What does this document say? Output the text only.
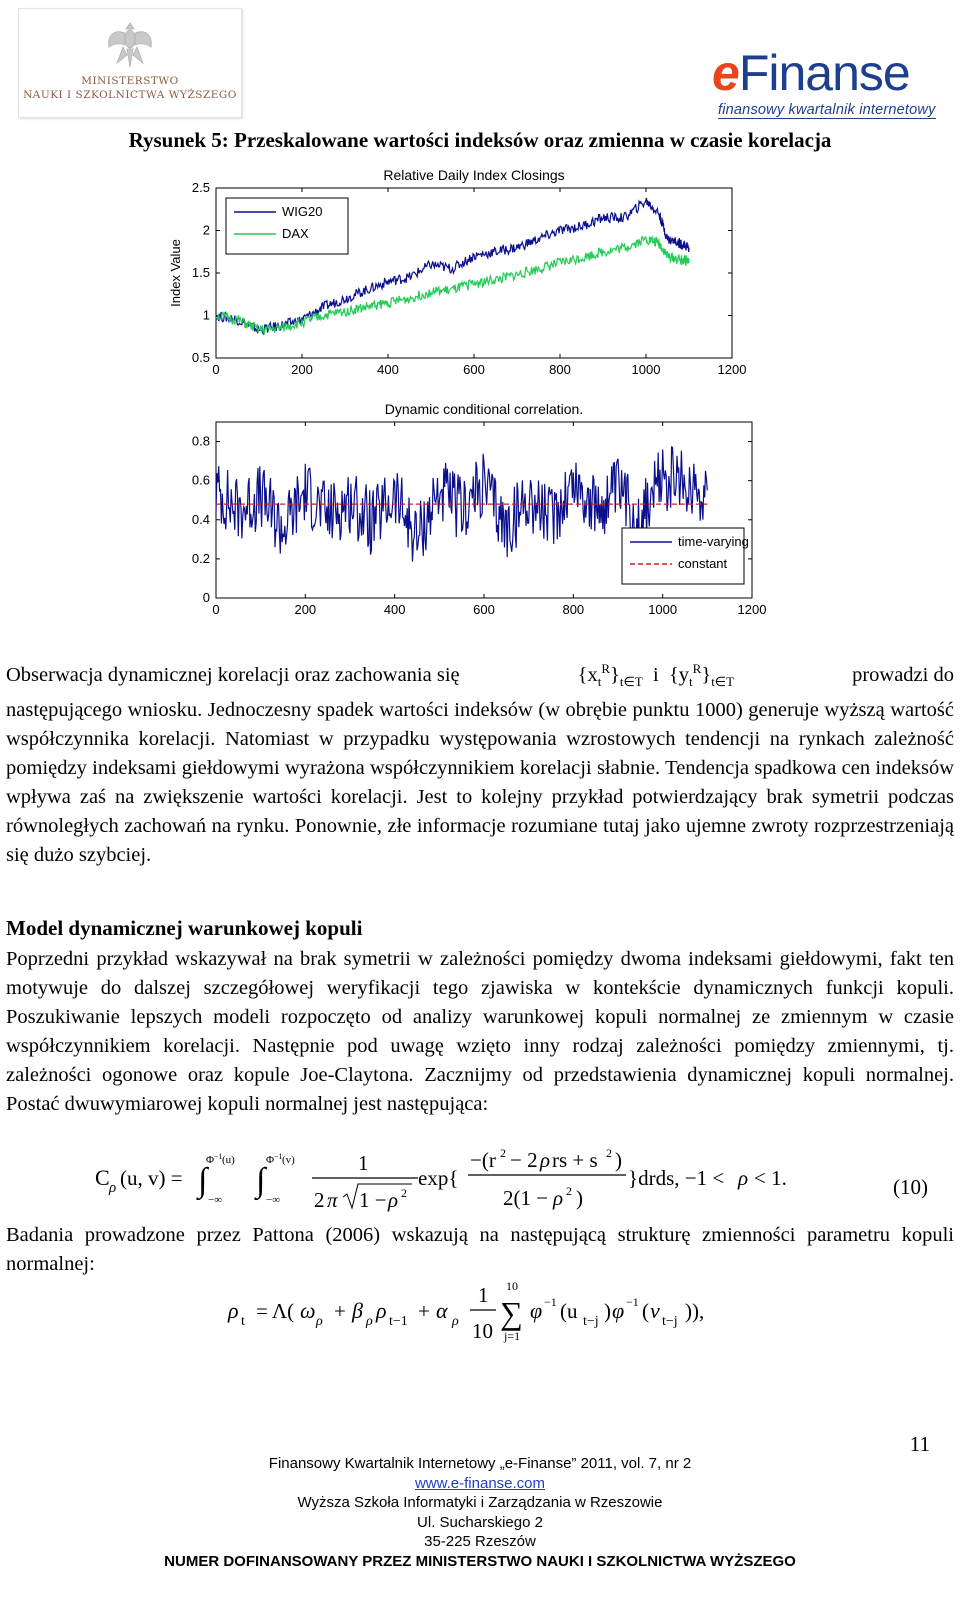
MINISTERSTWO
NAUKI I SZKOLNICTWA WYŻSZEGO	eFinanse
finansowy kwartalnik internetowy
Rysunek 5: Przeskalowane wartości indeksów oraz zmienna w czasie korelacja
Relative Daily Index Closings
0	200	400	600	800	1000	1200
0.5
1
1.5
2
2.5
Index Value
WIG20
DAX
Dynamic conditional correlation.
0	200	400	600	800	1000	1200
0
0.2
0.4
0.6
0.8
time-varying
constant

Obserwacja dynamicznej korelacji oraz zachowania się	$\{x_t^R\}_{t\in T}$  i  $\{y_t^R\}_{t\in T}$	prowadzi do

następującego wniosku. Jednoczesny spadek wartości indeksów (w obrębie punktu 1000) generuje wyższą wartość współczynnika korelacji. Natomiast w przypadku występowania wzrostowych tendencji na rynkach zależność pomiędzy indeksami giełdowymi wyrażona współczynnikiem korelacji słabnie. Tendencja spadkowa cen indeksów wpływa zaś na zwiększenie wartości korelacji. Jest to kolejny przykład potwierdzający brak symetrii podczas równoległych zachowań na rynku. Ponownie, złe informacje rozumiane tutaj jako ujemne zwroty rozprzestrzeniają się dużo szybciej.

Model dynamicznej warunkowej kopuli
Poprzedni przykład wskazywał na brak symetrii w zależności pomiędzy dwoma indeksami giełdowymi, fakt ten motywuje do dalszej szczegółowej weryfikacji tego zjawiska w kontekście dynamicznych funkcji kopuli. Poszukiwanie lepszych modeli rozpoczęto od analizy warunkowej kopuli normalnej ze zmiennym w czasie współczynnikiem korelacji. Następnie pod uwagę wzięto inny rodzaj zależności pomiędzy zmiennymi, tj. zależności ogonowe oraz kopule Joe-Claytona. Zacznijmy od przedstawienia dynamicznej kopuli normalnej. Postać dwuwymiarowej kopuli normalnej jest następująca:
C ρ (u, v) = ∫
Φ −1 (u)
−∞
∫
Φ −1 (v)
−∞
1
2 π 1 − ρ 2
exp{
−(r 2 − 2 ρ rs + s 2 )
2(1 − ρ 2 )
}drds, −1 < ρ < 1.	(10)
Badania prowadzone przez Pattona (2006) wskazują na następującą strukturę zmienności parametru kopuli normalnej:
ρ t = Λ( ω ρ + β ρ ρ t−1 + α ρ
1
10
10
∑
j=1
φ −1 (u t−j ) φ −1 ( ν t−j ) ),
11
Finansowy Kwartalnik Internetowy „e-Finanse” 2011, vol. 7, nr 2
www.e-finanse.com
Wyższa Szkoła Informatyki i Zarządzania w Rzeszowie
Ul. Sucharskiego 2
35-225 Rzeszów
NUMER DOFINANSOWANY PRZEZ MINISTERSTWO NAUKI I SZKOLNICTWA WYŻSZEGO
